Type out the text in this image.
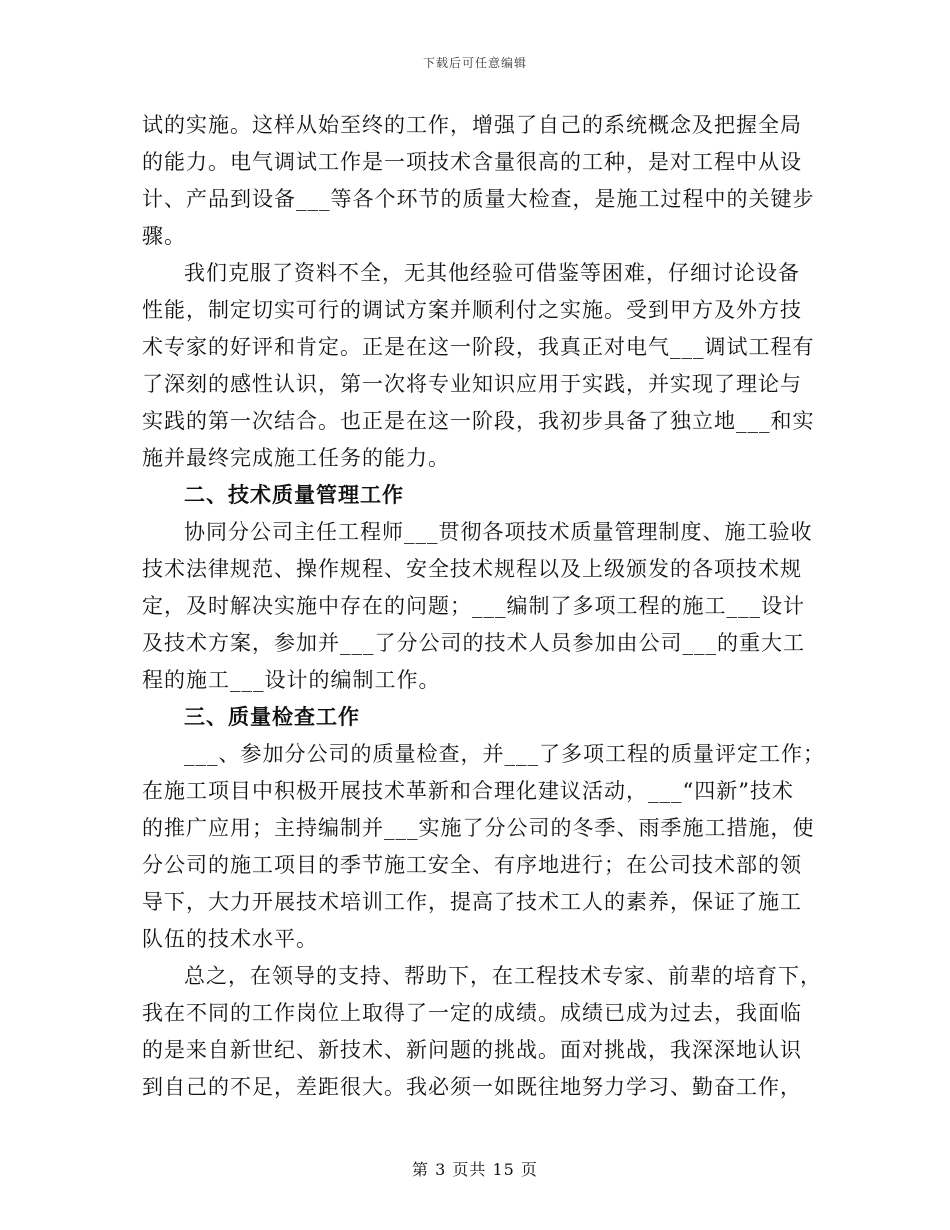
下载后可任意编辑
试的实施。这样从始至终的工作，增强了自己的系统概念及把握全局
的能力。电气调试工作是一项技术含量很高的工种，是对工程中从设
计、产品到设备___等各个环节的质量大检查，是施工过程中的关键步
骤。
我们克服了资料不全，无其他经验可借鉴等困难，仔细讨论设备
性能，制定切实可行的调试方案并顺利付之实施。受到甲方及外方技
术专家的好评和肯定。正是在这一阶段，我真正对电气___调试工程有
了深刻的感性认识，第一次将专业知识应用于实践，并实现了理论与
实践的第一次结合。也正是在这一阶段，我初步具备了独立地___和实
施并最终完成施工任务的能力。
二、技术质量管理工作
协同分公司主任工程师___贯彻各项技术质量管理制度、施工验收
技术法律规范、操作规程、安全技术规程以及上级颁发的各项技术规
定，及时解决实施中存在的问题；___编制了多项工程的施工___设计
及技术方案，参加并___了分公司的技术人员参加由公司___的重大工
程的施工___设计的编制工作。
三、质量检查工作
___、参加分公司的质量检查，并___了多项工程的质量评定工作；
在施工项目中积极开展技术革新和合理化建议活动，___“四新”技术
的推广应用；主持编制并___实施了分公司的冬季、雨季施工措施，使
分公司的施工项目的季节施工安全、有序地进行；在公司技术部的领
导下，大力开展技术培训工作，提高了技术工人的素养，保证了施工
队伍的技术水平。
总之，在领导的支持、帮助下，在工程技术专家、前辈的培育下，
我在不同的工作岗位上取得了一定的成绩。成绩已成为过去，我面临
的是来自新世纪、新技术、新问题的挑战。面对挑战，我深深地认识
到自己的不足，差距很大。我必须一如既往地努力学习、勤奋工作，
第 3 页共 15 页
